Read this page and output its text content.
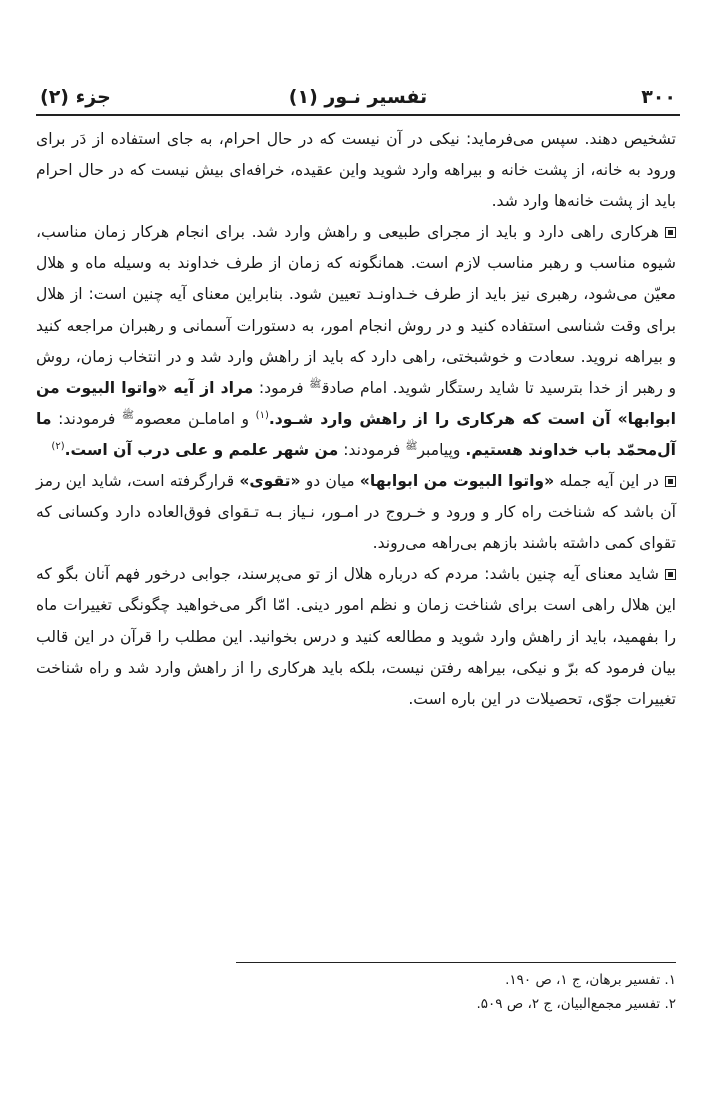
۳۰۰
تفسیر نـور (۱)
جزء (۲)

تشخیص دهند. سپس می‌فرماید: نیکی در آن نیست که در حال احرام، به جای استفاده از دَر برای ورود به خانه، از پشت خانه و بیراهه وارد شوید واین عقیده، خرافه‌ای بیش نیست که در حال احرام باید از پشت خانه‌ها وارد شد.

هرکاری راهی دارد و باید از مجرای طبیعی و راهش وارد شد. برای انجام هرکار زمان مناسب، شیوه مناسب و رهبر مناسب لازم است. همانگونه که زمان از طرف خداوند به وسیله ماه و هلال معیّن می‌شود، رهبری نیز باید از طرف خـداونـد تعیین شود. بنابراین معنای آیه چنین است: از هلال برای وقت شناسی استفاده کنید و در روش انجام امور، به دستورات آسمانی و رهبران مراجعه کنید و بیراهه نروید. سعادت و خوشبختی، راهی دارد که باید از راهش وارد شد و در انتخاب زمان، روش و رهبر از خدا بترسید تا شاید رستگار شوید. امام صادق$^ﷺ$ فرمود: مراد از آیه «واتوا البیوت من ابوابها» آن است که هرکاری را از راهش وارد شـود.$^{(۱)}$ و اماماـن معصوم$^ﷺ$ فرمودند: ما آل‌محمّد باب خداوند هستیم. وپیامبر$^ﷺ$ فرمودند: من شهر علمم و علی درب آن است.$^{(۲)}$

در این آیه جمله «واتوا البیوت من ابوابها» میان دو «تقوی» قرارگرفته است، شاید این رمز آن باشد که شناخت راه کار و ورود و خـروج در امـور، نـیاز بـه تـقوای فوق‌العاده دارد وکسانی که تقوای کمی داشته باشند بازهم بی‌راهه می‌روند.

شاید معنای آیه چنین باشد: مردم که درباره هلال از تو می‌پرسند، جوابی درخور فهم آنان بگو که این هلال راهی است برای شناخت زمان و نظم امور دینی. امّا اگر می‌خواهید چگونگی تغییرات ماه را بفهمید، باید از راهش وارد شوید و مطالعه کنید و درس بخوانید. این مطلب را قرآن در این قالب بیان فرمود که برّ و نیکی، بیراهه رفتن نیست، بلکه باید هرکاری را از راهش وارد شد و راه شناخت تغییرات جوّی، تحصیلات در این باره است.

۱. تفسیر برهان، ج ۱، ص ۱۹۰.

۲. تفسیر مجمع‌البیان، ج ۲، ص ۵۰۹.
